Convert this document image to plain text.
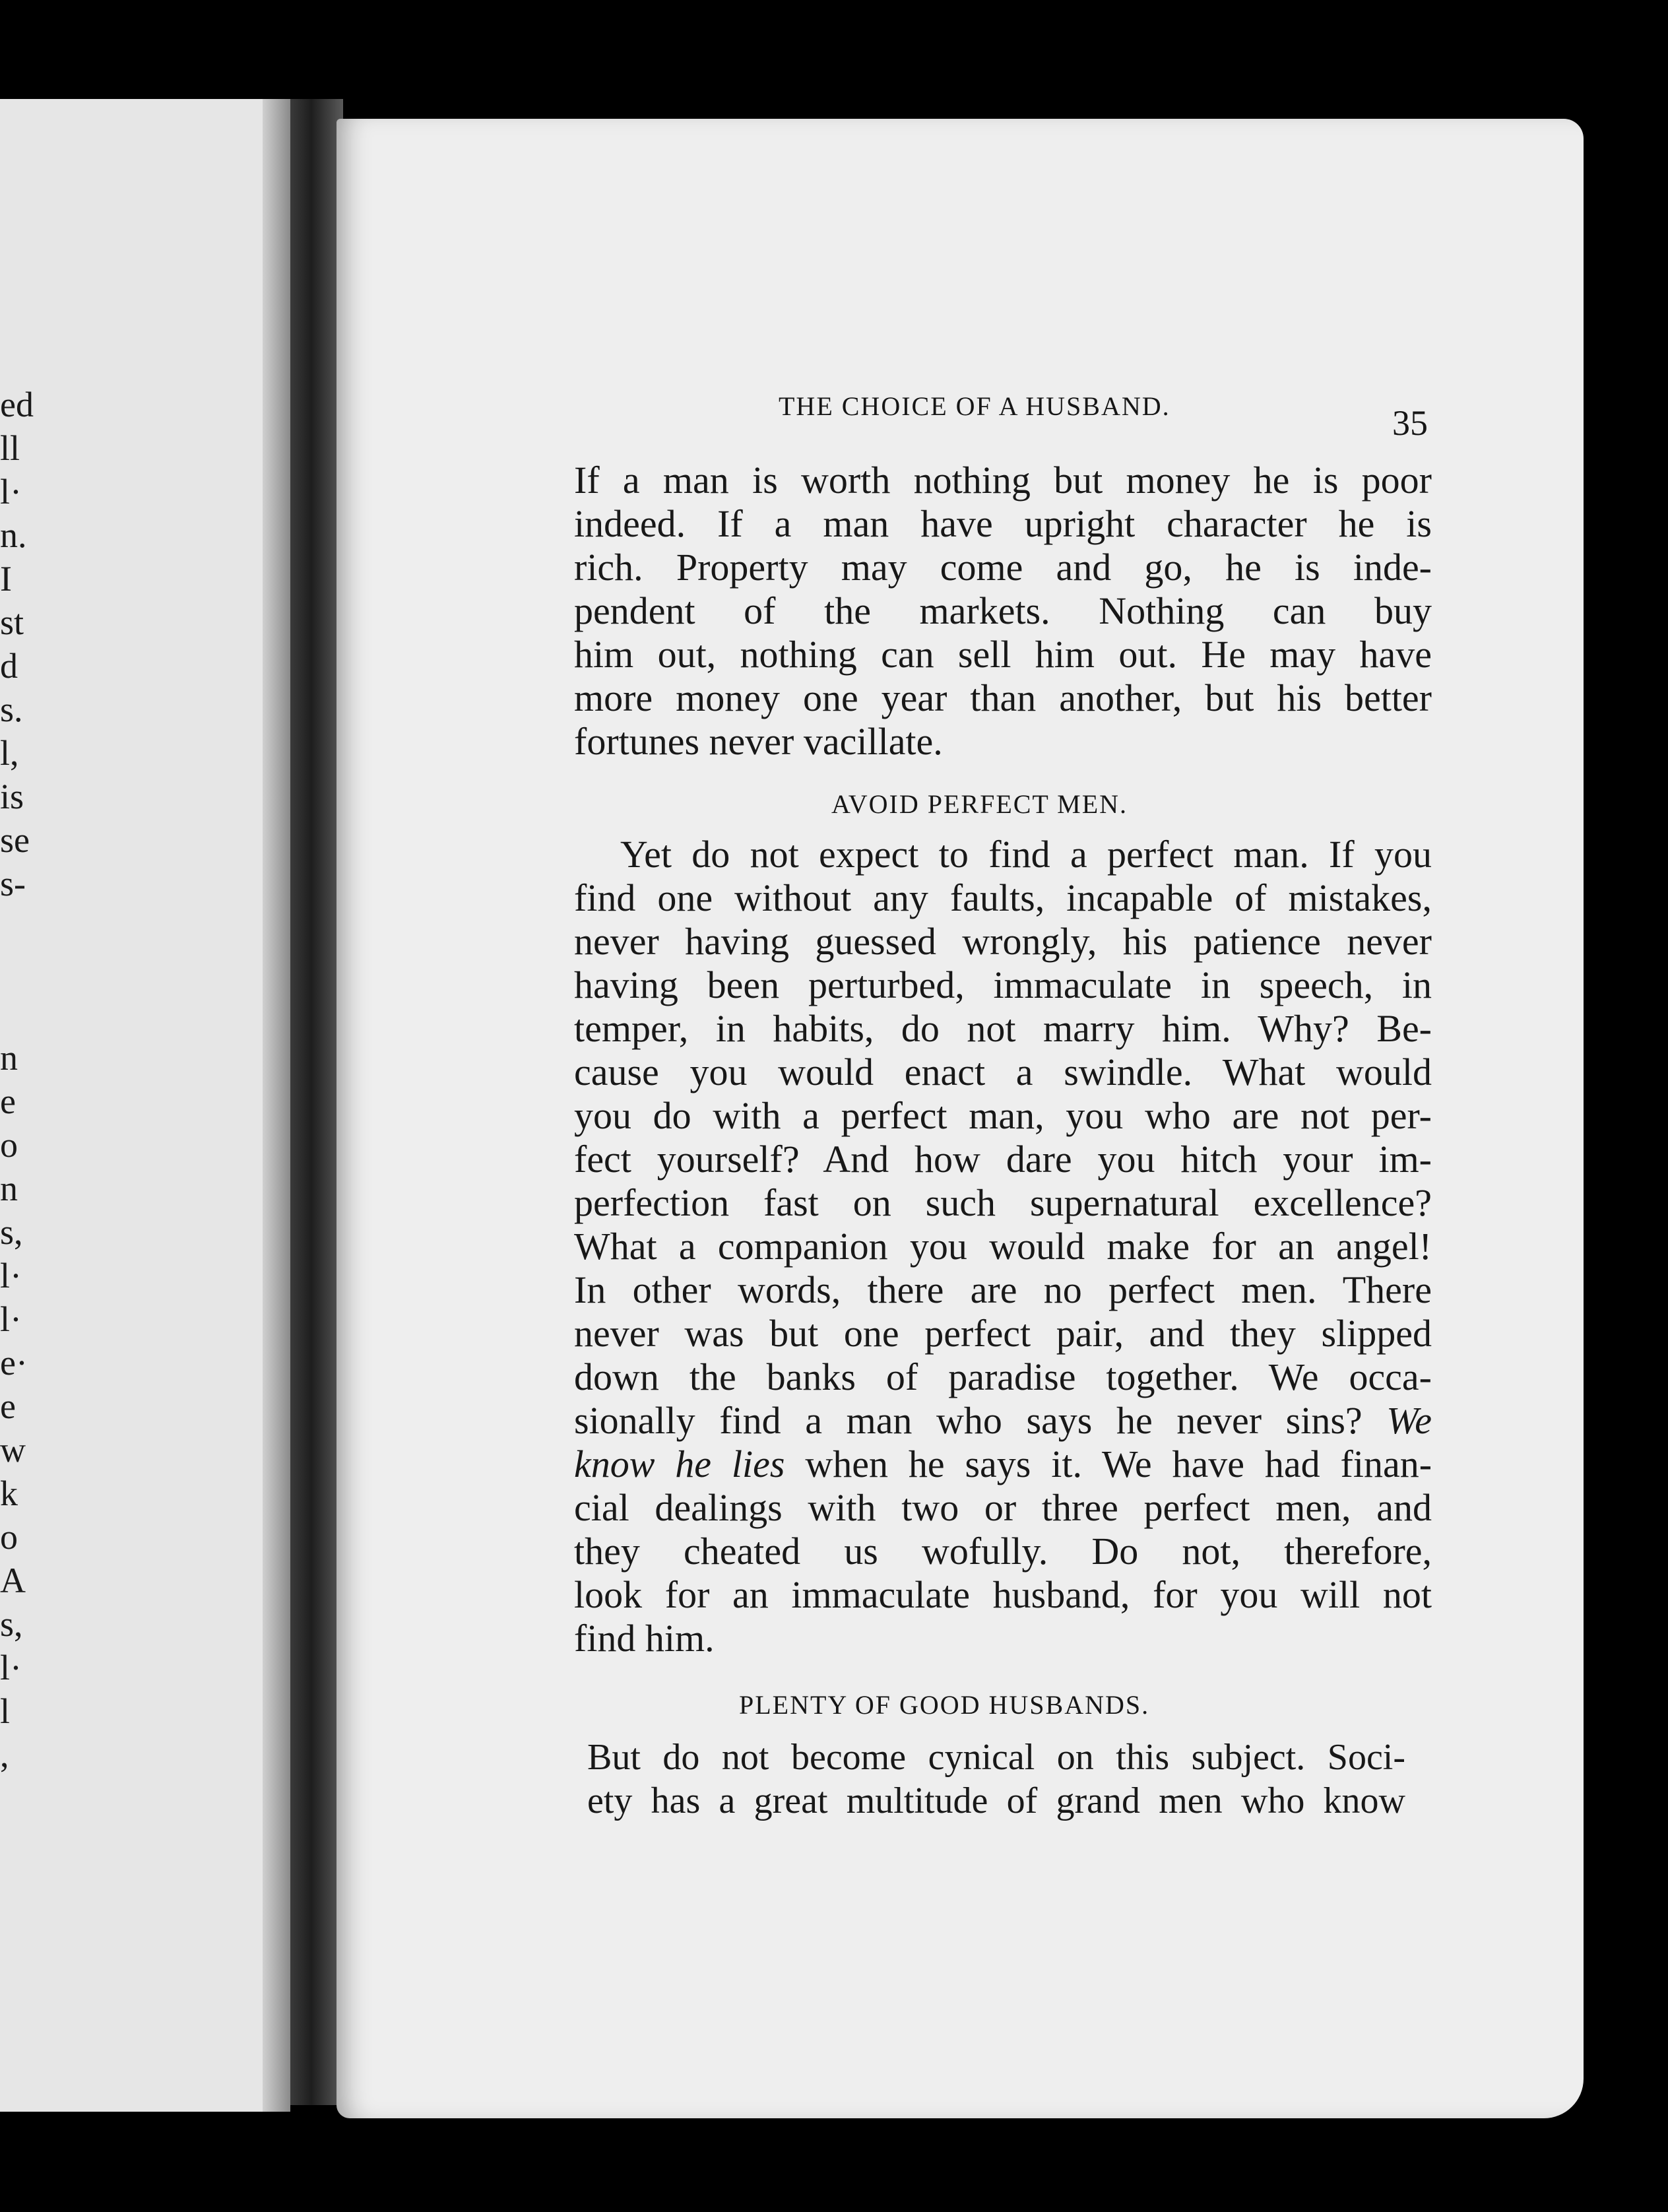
ed
ll
l·
n.
I
st
d
s.
l,
is
se
s-
n
e
o
n
s,
l·
l·
e·
e
w
k
o
A
s,
l·
l
,
THE CHOICE OF A HUSBAND.	35
If a man is worth nothing but money he is poor
indeed. If a man have upright character he is
rich. Property may come and go, he is inde-
pendent of the markets. Nothing can buy
him out, nothing can sell him out. He may have
more money one year than another, but his better
fortunes never vacillate.
AVOID PERFECT MEN.
Yet do not expect to find a perfect man. If you
find one without any faults, incapable of mistakes,
never having guessed wrongly, his patience never
having been perturbed, immaculate in speech, in
temper, in habits, do not marry him. Why? Be-
cause you would enact a swindle. What would
you do with a perfect man, you who are not per-
fect yourself? And how dare you hitch your im-
perfection fast on such supernatural excellence?
What a companion you would make for an angel!
In other words, there are no perfect men. There
never was but one perfect pair, and they slipped
down the banks of paradise together. We occa-
sionally find a man who says he never sins? We
know he lies when he says it. We have had finan-
cial dealings with two or three perfect men, and
they cheated us wofully. Do not, therefore,
look for an immaculate husband, for you will not
find him.
PLENTY OF GOOD HUSBANDS.
But do not become cynical on this subject. Soci-
ety has a great multitude of grand men who know
